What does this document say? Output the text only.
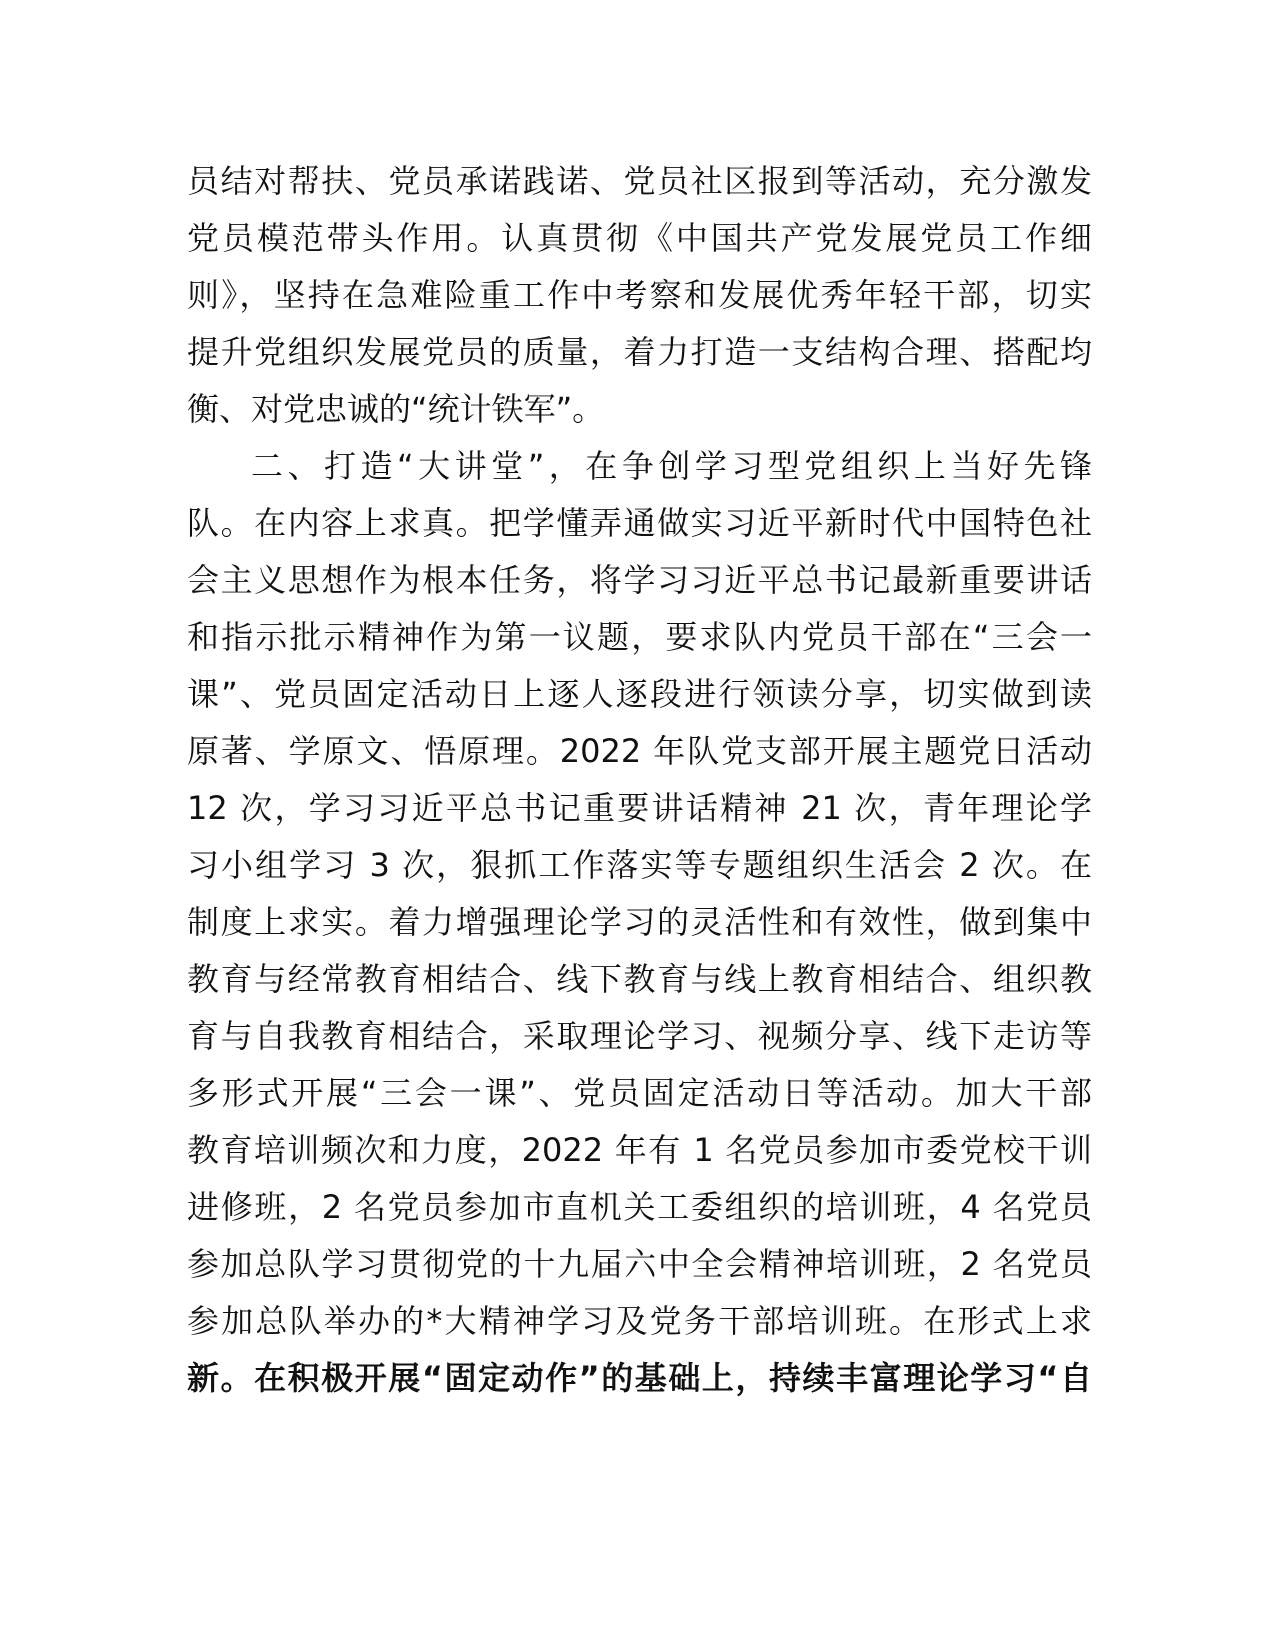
员结对帮扶、党员承诺践诺、党员社区报到等活动，充分激发
党员模范带头作用。认真贯彻《中国共产党发展党员工作细
则》，坚持在急难险重工作中考察和发展优秀年轻干部，切实
提升党组织发展党员的质量，着力打造一支结构合理、搭配均
衡、对党忠诚的“统计铁军”。
二、打造“大讲堂”，在争创学习型党组织上当好先锋
队。在内容上求真。把学懂弄通做实习近平新时代中国特色社
会主义思想作为根本任务，将学习习近平总书记最新重要讲话
和指示批示精神作为第一议题，要求队内党员干部在“三会一
课”、党员固定活动日上逐人逐段进行领读分享，切实做到读
原著、学原文、悟原理。2022 年队党支部开展主题党日活动
12 次，学习习近平总书记重要讲话精神 21 次，青年理论学
习小组学习 3 次，狠抓工作落实等专题组织生活会 2 次。在
制度上求实。着力增强理论学习的灵活性和有效性，做到集中
教育与经常教育相结合、线下教育与线上教育相结合、组织教
育与自我教育相结合，采取理论学习、视频分享、线下走访等
多形式开展“三会一课”、党员固定活动日等活动。加大干部
教育培训频次和力度，2022 年有 1 名党员参加市委党校干训
进修班，2 名党员参加市直机关工委组织的培训班，4 名党员
参加总队学习贯彻党的十九届六中全会精神培训班，2 名党员
参加总队举办的*大精神学习及党务干部培训班。在形式上求
新。在积极开展“固定动作”的基础上，持续丰富理论学习“自
